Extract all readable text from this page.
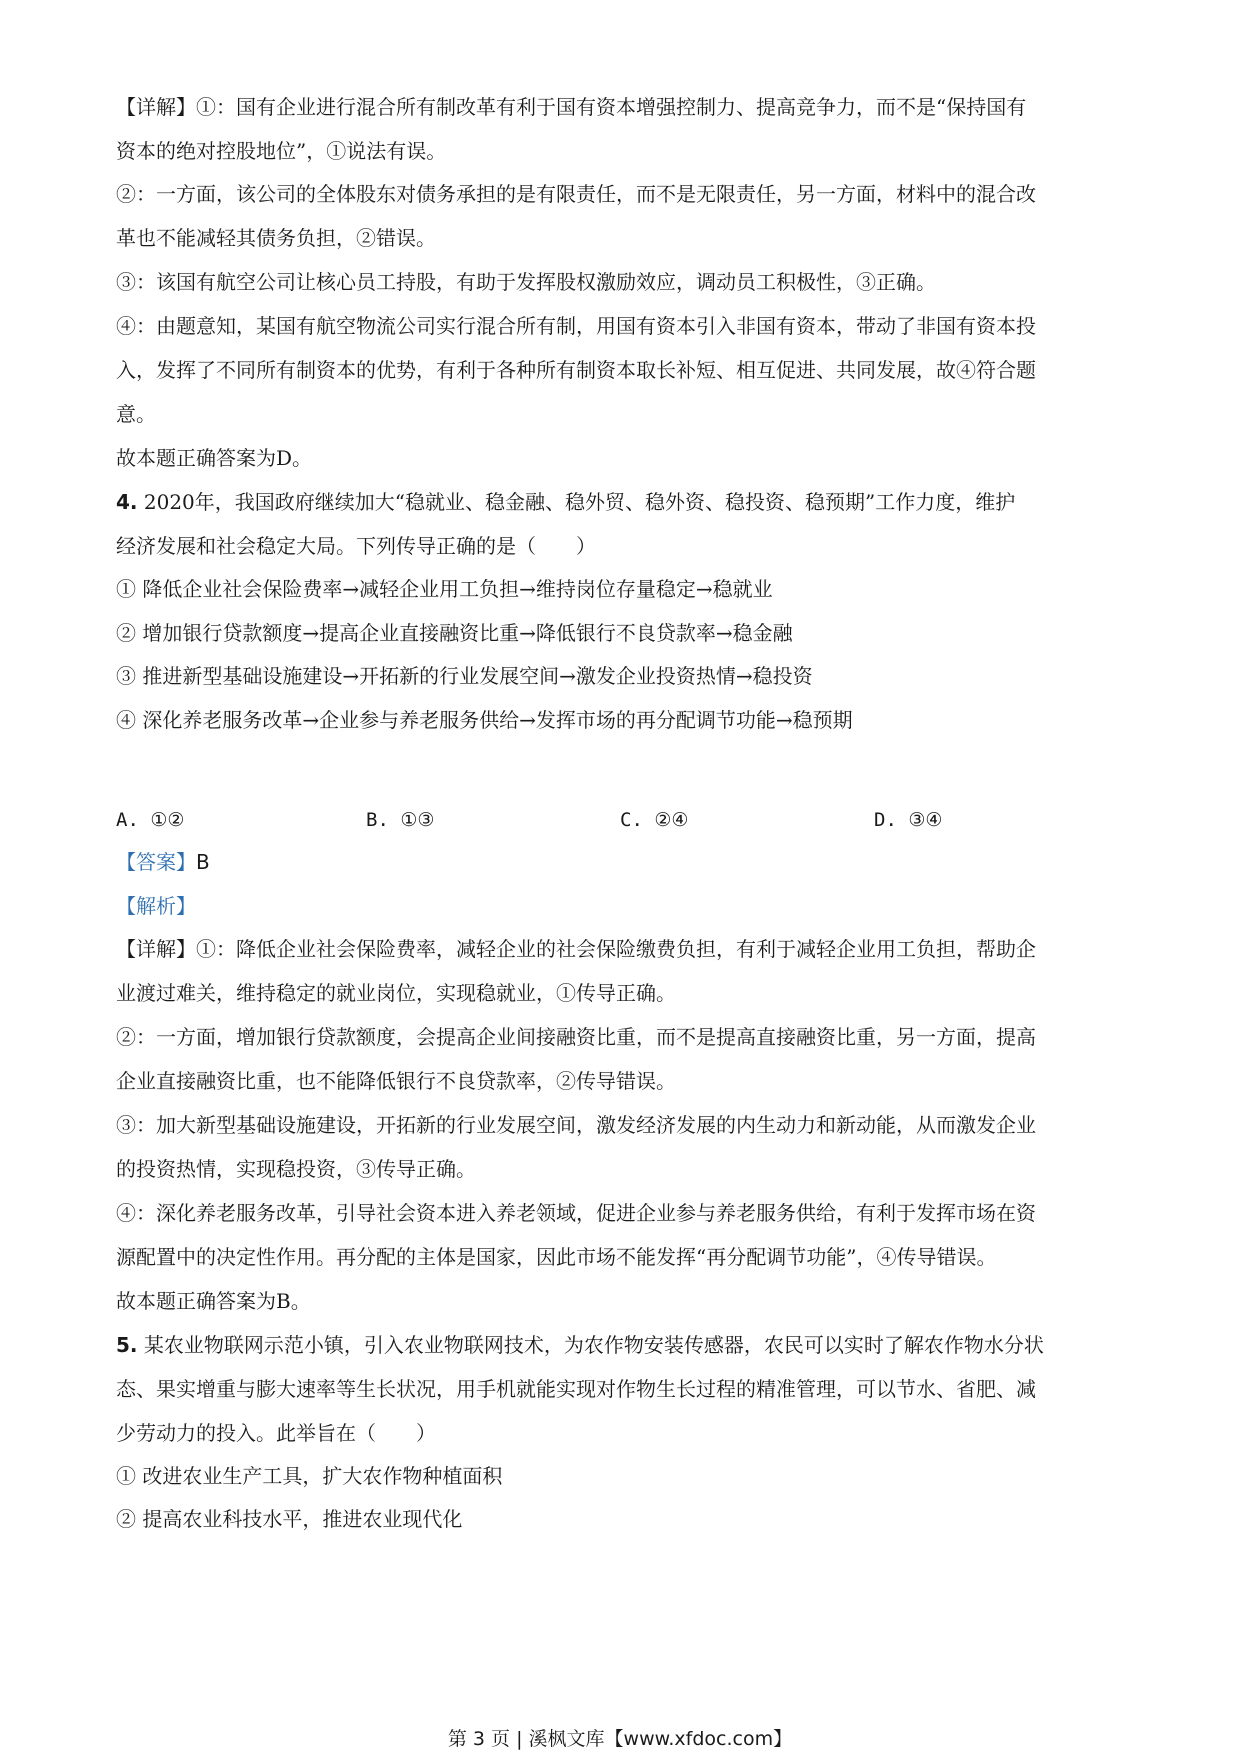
【详解】①：国有企业进行混合所有制改革有利于国有资本增强控制力、提高竞争力，而不是“保持国有
资本的绝对控股地位”，①说法有误。
②：一方面，该公司的全体股东对债务承担的是有限责任，而不是无限责任，另一方面，材料中的混合改
革也不能减轻其债务负担，②错误。
③：该国有航空公司让核心员工持股，有助于发挥股权激励效应，调动员工积极性，③正确。
④：由题意知，某国有航空物流公司实行混合所有制，用国有资本引入非国有资本，带动了非国有资本投
入，发挥了不同所有制资本的优势，有利于各种所有制资本取长补短、相互促进、共同发展，故④符合题
意。
故本题正确答案为D。
4. 2020年，我国政府继续加大“稳就业、稳金融、稳外贸、稳外资、稳投资、稳预期”工作力度，维护
经济发展和社会稳定大局。下列传导正确的是（　　）
① 降低企业社会保险费率→减轻企业用工负担→维持岗位存量稳定→稳就业
② 增加银行贷款额度→提高企业直接融资比重→降低银行不良贷款率→稳金融
③ 推进新型基础设施建设→开拓新的行业发展空间→激发企业投资热情→稳投资
④ 深化养老服务改革→企业参与养老服务供给→发挥市场的再分配调节功能→稳预期
A. ①②	B. ①③	C. ②④	D. ③④
【答案】B
【解析】
【详解】①：降低企业社会保险费率，减轻企业的社会保险缴费负担，有利于减轻企业用工负担，帮助企
业渡过难关，维持稳定的就业岗位，实现稳就业，①传导正确。
②：一方面，增加银行贷款额度，会提高企业间接融资比重，而不是提高直接融资比重，另一方面，提高
企业直接融资比重，也不能降低银行不良贷款率，②传导错误。
③：加大新型基础设施建设，开拓新的行业发展空间，激发经济发展的内生动力和新动能，从而激发企业
的投资热情，实现稳投资，③传导正确。
④：深化养老服务改革，引导社会资本进入养老领域，促进企业参与养老服务供给，有利于发挥市场在资
源配置中的决定性作用。再分配的主体是国家，因此市场不能发挥“再分配调节功能”，④传导错误。
故本题正确答案为B。
5. 某农业物联网示范小镇，引入农业物联网技术，为农作物安装传感器，农民可以实时了解农作物水分状
态、果实增重与膨大速率等生长状况，用手机就能实现对作物生长过程的精准管理，可以节水、省肥、减
少劳动力的投入。此举旨在（　　）
① 改进农业生产工具，扩大农作物种植面积
② 提高农业科技水平，推进农业现代化
第 3 页 | 溪枫文库【www.xfdoc.com】
